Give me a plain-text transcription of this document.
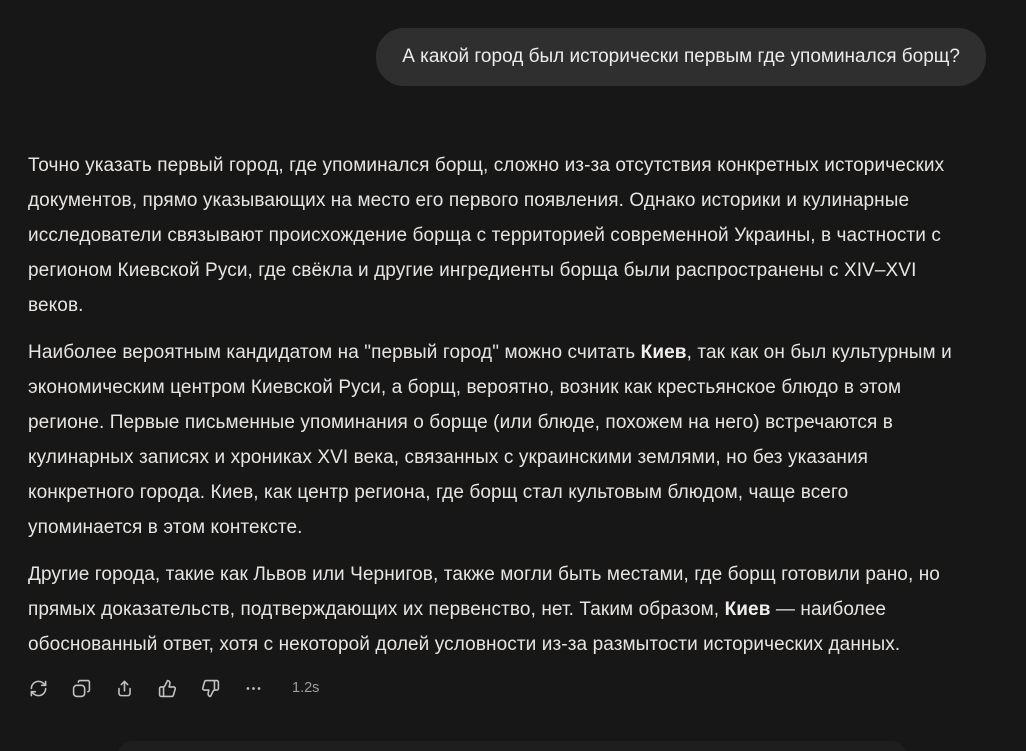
А какой город был исторически первым где упоминался борщ?

Точно указать первый город, где упоминался борщ, сложно из-за отсутствия конкретных исторических документов, прямо указывающих на место его первого появления. Однако историки и кулинарные исследователи связывают происхождение борща с территорией современной Украины, в частности с регионом Киевской Руси, где свёкла и другие ингредиенты борща были распространены с XIV–XVI веков.

Наиболее вероятным кандидатом на "первый город" можно считать Киев, так как он был культурным и экономическим центром Киевской Руси, а борщ, вероятно, возник как крестьянское блюдо в этом регионе. Первые письменные упоминания о борще (или блюде, похожем на него) встречаются в кулинарных записях и хрониках XVI века, связанных с украинскими землями, но без указания конкретного города. Киев, как центр региона, где борщ стал культовым блюдом, чаще всего упоминается в этом контексте.

Другие города, такие как Львов или Чернигов, также могли быть местами, где борщ готовили рано, но прямых доказательств, подтверждающих их первенство, нет. Таким образом, Киев — наиболее обоснованный ответ, хотя с некоторой долей условности из-за размытости исторических данных.

1.2s
